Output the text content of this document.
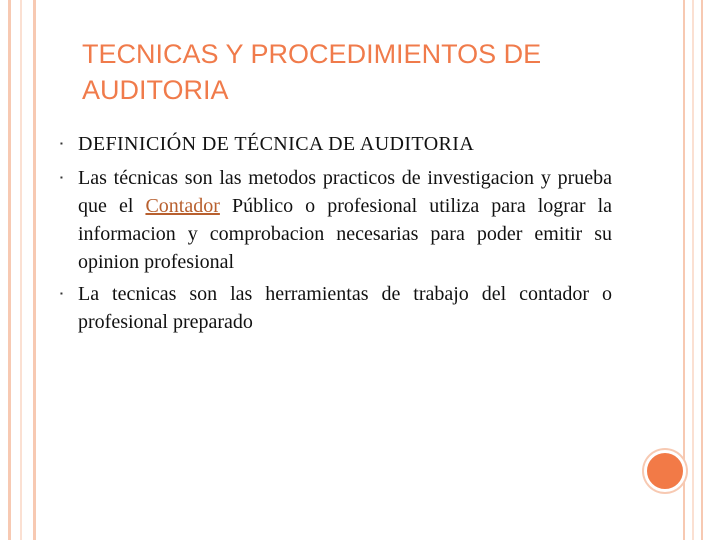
TECNICAS Y PROCEDIMIENTOS DE AUDITORIA
▪ DEFINICIÓN DE TÉCNICA DE AUDITORIA
▪ Las técnicas son las metodos practicos de investigacion y prueba que el Contador Público o profesional utiliza para lograr la informacion y comprobacion necesarias para poder emitir su opinion profesional
▪ La tecnicas son las herramientas de trabajo del contador o profesional preparado
